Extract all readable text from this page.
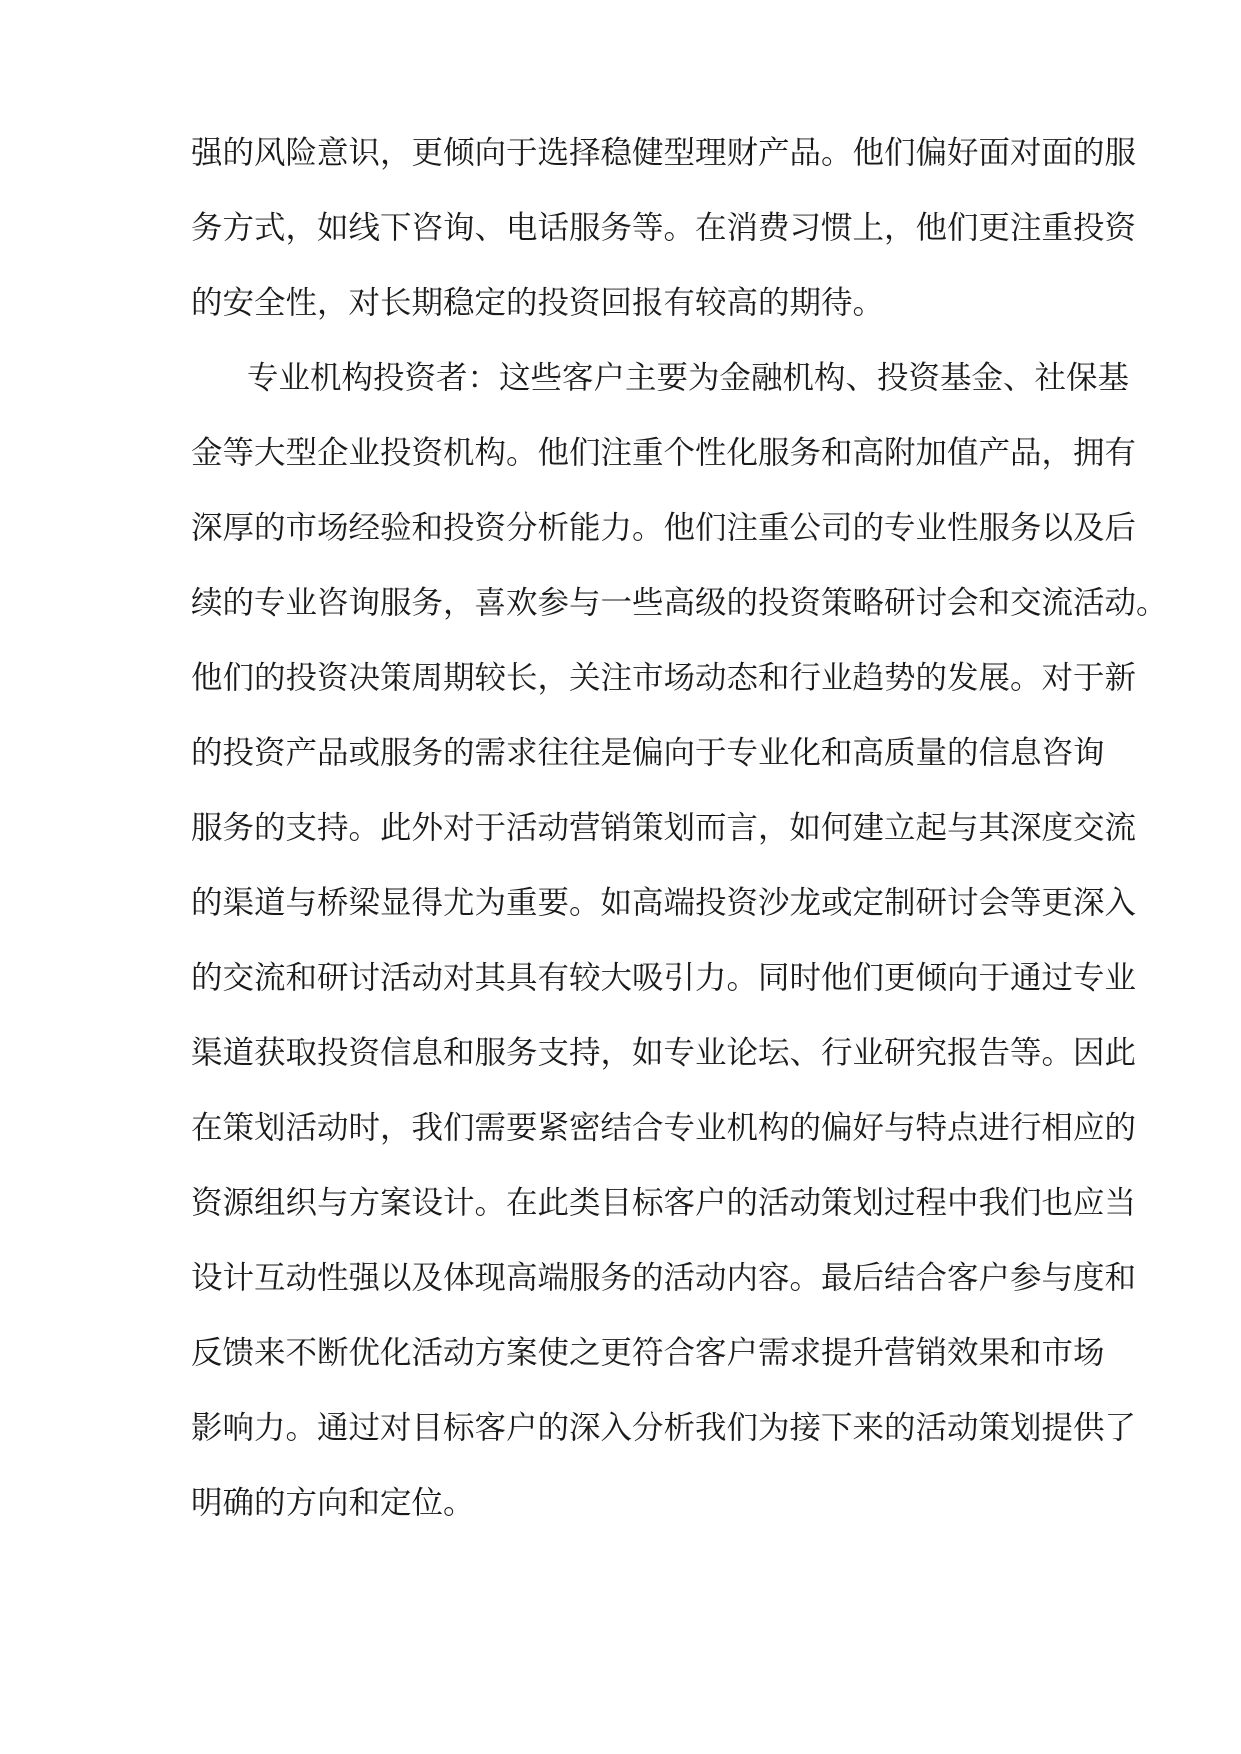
强的风险意识，更倾向于选择稳健型理财产品。他们偏好面对面的服
务方式，如线下咨询、电话服务等。在消费习惯上，他们更注重投资
的安全性，对长期稳定的投资回报有较高的期待。
专业机构投资者：这些客户主要为金融机构、投资基金、社保基
金等大型企业投资机构。他们注重个性化服务和高附加值产品，拥有
深厚的市场经验和投资分析能力。他们注重公司的专业性服务以及后
续的专业咨询服务，喜欢参与一些高级的投资策略研讨会和交流活动。
他们的投资决策周期较长，关注市场动态和行业趋势的发展。对于新
的投资产品或服务的需求往往是偏向于专业化和高质量的信息咨询
服务的支持。此外对于活动营销策划而言，如何建立起与其深度交流
的渠道与桥梁显得尤为重要。如高端投资沙龙或定制研讨会等更深入
的交流和研讨活动对其具有较大吸引力。同时他们更倾向于通过专业
渠道获取投资信息和服务支持，如专业论坛、行业研究报告等。因此
在策划活动时，我们需要紧密结合专业机构的偏好与特点进行相应的
资源组织与方案设计。在此类目标客户的活动策划过程中我们也应当
设计互动性强以及体现高端服务的活动内容。最后结合客户参与度和
反馈来不断优化活动方案使之更符合客户需求提升营销效果和市场
影响力。通过对目标客户的深入分析我们为接下来的活动策划提供了
明确的方向和定位。
